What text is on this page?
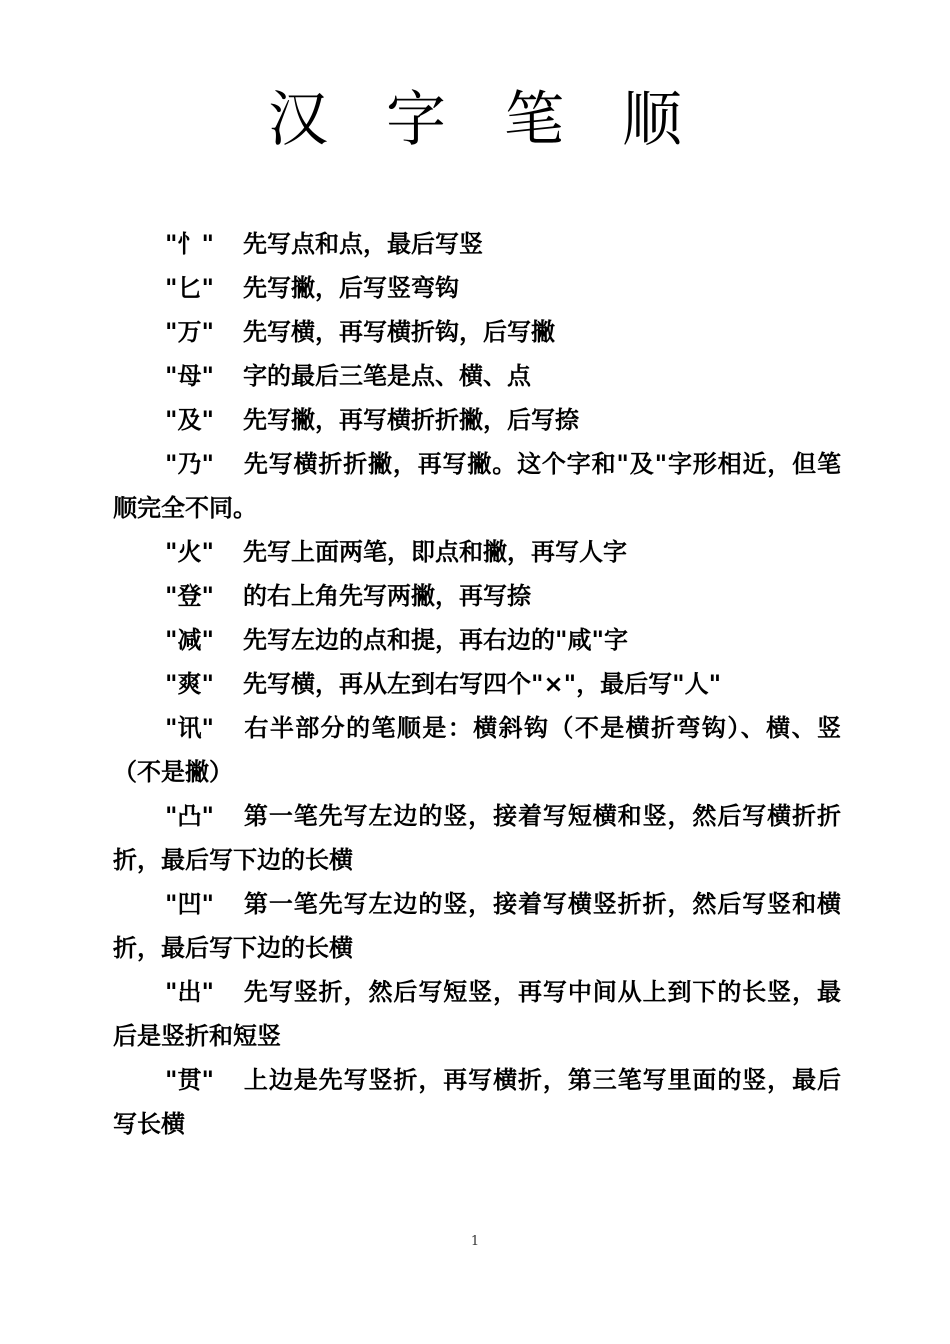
汉字笔顺

"忄" 先写点和点，最后写竖

"匕" 先写撇，后写竖弯钩

"万" 先写横，再写横折钩，后写撇

"母" 字的最后三笔是点、横、点

"及" 先写撇，再写横折折撇，后写捺

"乃" 先写横折折撇，再写撇。这个字和"及"字形相近，但笔顺完全不同。

"火" 先写上面两笔，即点和撇，再写人字

"登" 的右上角先写两撇，再写捺

"减" 先写左边的点和提，再右边的"咸"字

"爽" 先写横，再从左到右写四个"×"，最后写"人"

"讯" 右半部分的笔顺是：横斜钩（不是横折弯钩）、横、竖（不是撇）

"凸" 第一笔先写左边的竖，接着写短横和竖，然后写横折折折，最后写下边的长横

"凹" 第一笔先写左边的竖，接着写横竖折折，然后写竖和横折，最后写下边的长横

"出" 先写竖折，然后写短竖，再写中间从上到下的长竖，最后是竖折和短竖

"贯" 上边是先写竖折，再写横折，第三笔写里面的竖，最后写长横

1
